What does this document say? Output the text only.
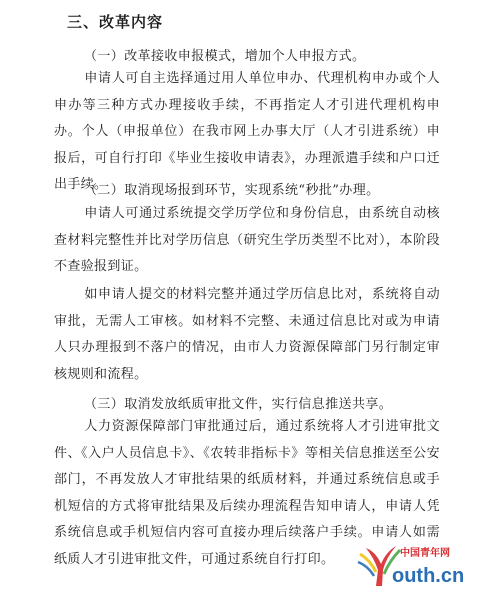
三、改革内容
（一）改革接收申报模式，增加个人申报方式。
申请人可自主选择通过用人单位申办、代理机构申办或个人申办等三种方式办理接收手续，不再指定人才引进代理机构申办。个人（申报单位）在我市网上办事大厅（人才引进系统）申报后，可自行打印《毕业生接收申请表》，办理派遣手续和户口迁出手续。
（二）取消现场报到环节，实现系统“秒批”办理。
申请人可通过系统提交学历学位和身份信息，由系统自动核查材料完整性并比对学历信息（研究生学历类型不比对），本阶段不查验报到证。
如申请人提交的材料完整并通过学历信息比对，系统将自动审批，无需人工审核。如材料不完整、未通过信息比对或为申请人只办理报到不落户的情况，由市人力资源保障部门另行制定审核规则和流程。
（三）取消发放纸质审批文件，实行信息推送共享。
人力资源保障部门审批通过后，通过系统将人才引进审批文件、《入户人员信息卡》、《农转非指标卡》等相关信息推送至公安部门，不再发放人才审批结果的纸质材料，并通过系统信息或手机短信的方式将审批结果及后续办理流程告知申请人，申请人凭系统信息或手机短信内容可直接办理后续落户手续。申请人如需纸质人才引进审批文件，可通过系统自行打印。	中国青年网
outh.cn
